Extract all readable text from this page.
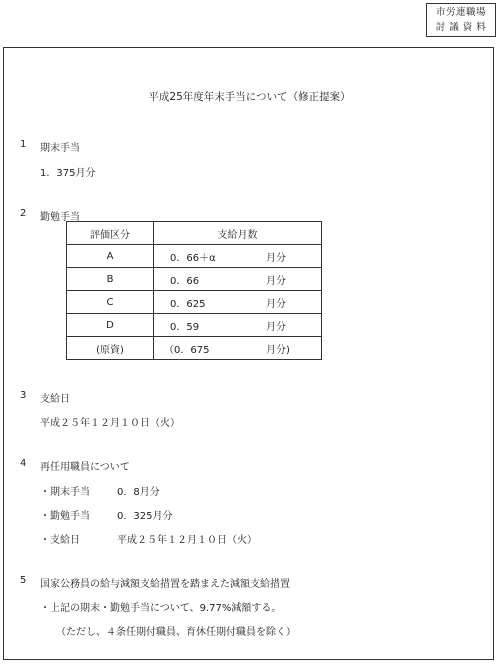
市労連職場
討 議 資 料
平成25年度年末手当について（修正提案）
1 期末手当
1．375月分
2 勤勉手当
3 支給日
平成２５年１２月１０日（火）
4 再任用職員について
・期末手当	0．8月分
・勤勉手当	0．325月分
・支給日	平成２５年１２月１０日（火）
5 国家公務員の給与減額支給措置を踏まえた減額支給措置
・上記の期末・勤勉手当について、9.77%減額する。
（ただし、４条任期付職員、育休任期付職員を除く）
評価区分	支給月数
A	0．66＋α 月分
B	0．66 月分
C	0．625 月分
D	0．59 月分
(原資)	（0．675 月分)
